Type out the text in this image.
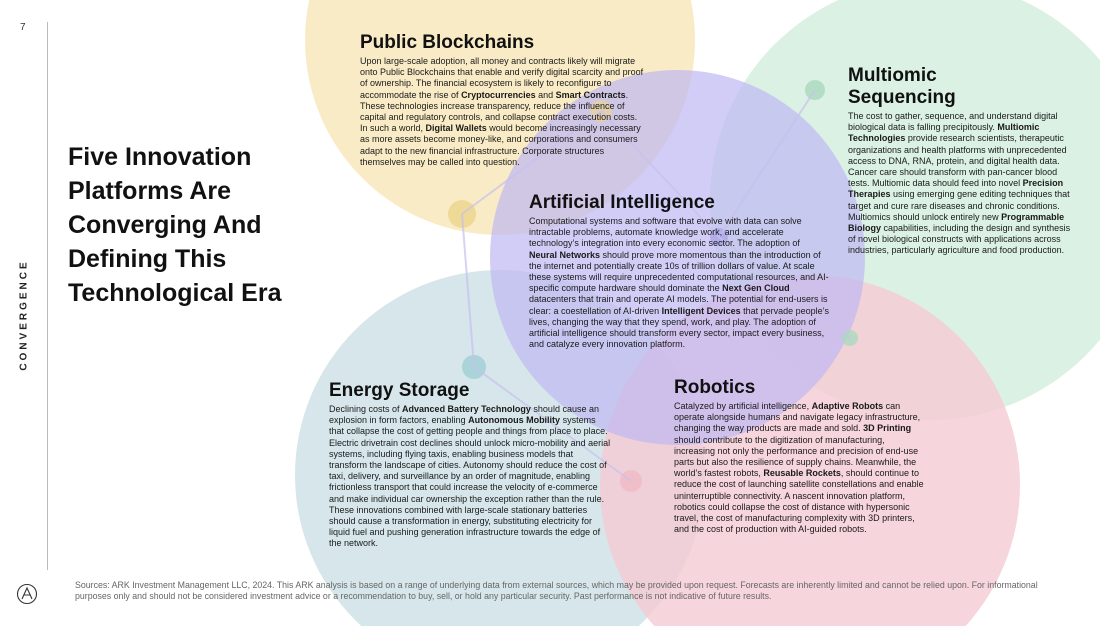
7
CONVERGENCE
Five Innovation Platforms Are Converging And Defining This Technological Era
Public Blockchains

Upon large-scale adoption, all money and contracts likely will migrate onto Public Blockchains that enable and verify digital scarcity and proof of ownership. The financial ecosystem is likely to reconfigure to accommodate the rise of Cryptocurrencies and Smart Contracts. These technologies increase transparency, reduce the influence of capital and regulatory controls, and collapse contract execution costs. In such a world, Digital Wallets would become increasingly necessary as more assets become money-like, and corporations and consumers adapt to the new financial infrastructure. Corporate structures themselves may be called into question.

Multiomic Sequencing

The cost to gather, sequence, and understand digital biological data is falling precipitously. Multiomic Technologies provide research scientists, therapeutic organizations and health platforms with unprecedented access to DNA, RNA, protein, and digital health data. Cancer care should transform with pan-cancer blood tests. Multiomic data should feed into novel Precision Therapies using emerging gene editing techniques that target and cure rare diseases and chronic conditions. Multiomics should unlock entirely new Programmable Biology capabilities, including the design and synthesis of novel biological constructs with applications across industries, particularly agriculture and food production.

Artificial Intelligence

Computational systems and software that evolve with data can solve intractable problems, automate knowledge work, and accelerate technology’s integration into every economic sector. The adoption of Neural Networks should prove more momentous than the introduction of the internet and potentially create 10s of trillion dollars of value. At scale these systems will require unprecedented computational resources, and AI-specific compute hardware should dominate the Next Gen Cloud datacenters that train and operate AI models. The potential for end-users is clear: a coestellation of AI-driven Intelligent Devices that pervade people’s lives, changing the way that they spend, work, and play. The adoption of artificial intelligence should transform every sector, impact every business, and catalyze every innovation platform.

Energy Storage

Declining costs of Advanced Battery Technology should cause an explosion in form factors, enabling Autonomous Mobility systems that collapse the cost of getting people and things from place to place. Electric drivetrain cost declines should unlock micro-mobility and aerial systems, including flying taxis, enabling business models that transform the landscape of cities. Autonomy should reduce the cost of taxi, delivery, and surveillance by an order of magnitude, enabling frictionless transport that could increase the velocity of e-commerce and make individual car ownership the exception rather than the rule. These innovations combined with large-scale stationary batteries should cause a transformation in energy, substituting electricity for liquid fuel and pushing generation infrastructure towards the edge of the network.

Robotics

Catalyzed by artificial intelligence, Adaptive Robots can operate alongside humans and navigate legacy infrastructure, changing the way products are made and sold. 3D Printing should contribute to the digitization of manufacturing, increasing not only the performance and precision of end-use parts but also the resilience of supply chains. Meanwhile, the world’s fastest robots, Reusable Rockets, should continue to reduce the cost of launching satellite constellations and enable uninterruptible connectivity. A nascent innovation platform, robotics could collapse the cost of distance with hypersonic travel, the cost of manufacturing complexity with 3D printers, and the cost of production with AI-guided robots.

Sources: ARK Investment Management LLC, 2024. This ARK analysis is based on a range of underlying data from external sources, which may be provided upon request. Forecasts are inherently limited and cannot be relied upon. For informational purposes only and should not be considered investment advice or a recommendation to buy, sell, or hold any particular security. Past performance is not indicative of future results.
